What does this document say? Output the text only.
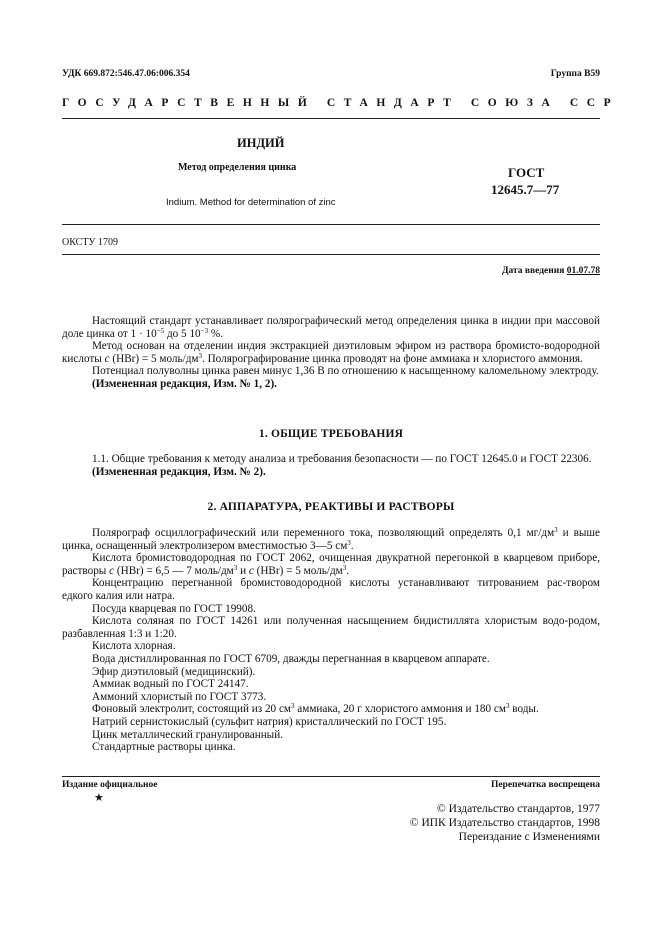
УДК 669.872:546.47.06:006.354	Группа В59
ГОСУДАРСТВЕННЫЙ СТАНДАРТ СОЮЗА ССР
ИНДИЙ
Метод определения цинка
Indium. Method for determination of zinc
ГОСТ
12645.7—77
ОКСТУ 1709
Дата введения 01.07.78

Настоящий стандарт устанавливает полярографический метод определения цинка в индии при массовой доле цинка от $1 \cdot 10^{-5}$ до 5 $10^{-3}$ %.

Метод основан на отделении индия экстракцией диэтиловым эфиром из раствора бромисто-водородной кислоты c (HBr) = 5 моль/$дм^3$. Полярографирование цинка проводят на фоне аммиака и хлористого аммония.

Потенциал полуволны цинка равен минус 1,36 В по отношению к насыщенному каломельному электроду.

(Измененная редакция, Изм. № 1, 2).

1. ОБЩИЕ ТРЕБОВАНИЯ

1.1. Общие требования к методу анализа и требования безопасности — по ГОСТ 12645.0 и ГОСТ 22306.

(Измененная редакция, Изм. № 2).

2. АППАРАТУРА, РЕАКТИВЫ И РАСТВОРЫ

Полярограф осциллографический или переменного тока, позволяющий определять 0,1 $мг/дм^3$ и выше цинка, оснащенный электролизером вместимостью 3—5 $см^3$.

Кислота бромистоводородная по ГОСТ 2062, очищенная двукратной перегонкой в кварцевом приборе, растворы c (HBr) = 6,5 — 7 моль/$дм^3$ и c (HBr) = 5 моль/$дм^3$.

Концентрацию перегнанной бромистоводородной кислоты устанавливают титрованием рас-твором едкого калия или натра.

Посуда кварцевая по ГОСТ 19908.

Кислота соляная по ГОСТ 14261 или полученная насыщением бидистиллята хлористым водо-родом, разбавленная 1:3 и 1:20.

Кислота хлорная.

Вода дистиллированная по ГОСТ 6709, дважды перегнанная в кварцевом аппарате.

Эфир диэтиловый (медицинский).

Аммиак водный по ГОСТ 24147.

Аммоний хлористый по ГОСТ 3773.

Фоновый электролит, состоящий из 20 $см^3$ аммиака, 20 г хлористого аммония и 180 $см^3$ воды.

Натрий сернистокислый (сульфит натрия) кристаллический по ГОСТ 195.

Цинк металлический гранулированный.

Стандартные растворы цинка.

Издание официальное
★
Перепечатка воспрещена
© Издательство стандартов, 1977
© ИПК Издательство стандартов, 1998
Переиздание с Изменениями
